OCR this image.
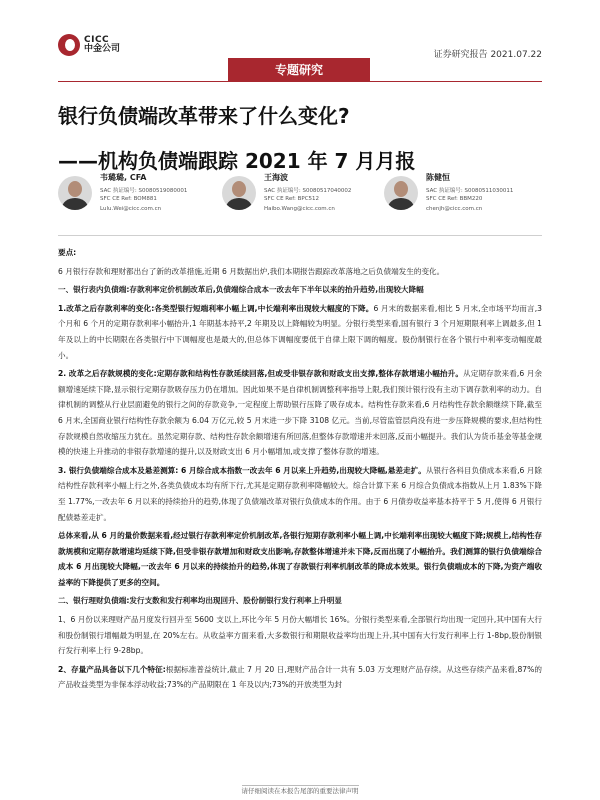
CICC
中金公司
证券研究报告 2021.07.22
专题研究
银行负债端改革带来了什么变化?
——机构负债端跟踪 2021 年 7 月月报
韦璐璐, CFA
SAC 执证编号: S0080519080001
SFC CE Ref: BOM881
Lulu.Wei@cicc.com.cn
王海波
SAC 执证编号: S0080517040002
SFC CE Ref: BPC512
Haibo.Wang@cicc.com.cn
陈健恒
SAC 执证编号: S0080511030011
SFC CE Ref: BBM220
chenjh@cicc.com.cn

要点:

6 月银行存款和理财都出台了新的改革措施,近期 6 月数据出炉,我们本期报告跟踪改革落地之后负债端发生的变化。

一、银行表内负债端:存款利率定价机制改革后,负债端综合成本一改去年下半年以来的抬升趋势,出现较大降幅

1.改革之后存款利率的变化:各类型银行短端利率小幅上调,中长端利率出现较大幅度的下降。6 月末的数据来看,相比 5 月末,全市场平均而言,3 个月和 6 个月的定期存款利率小幅抬升,1 年期基本持平,2 年期及以上降幅较为明显。分银行类型来看,国有银行 3 个月短期限利率上调最多,但 1 年及以上的中长期限在各类银行中下调幅度也是最大的,但总体下调幅度要低于自律上限下调的幅度。股份制银行在各个银行中利率变动幅度最小。

2. 改革之后存款规模的变化:定期存款和结构性存款延续回落,但或受非银存款和财政支出支撑,整体存款增速小幅抬升。从定期存款来看,6 月余额增速延续下降,显示银行定期存款吸存压力仍在增加。因此如果不是自律机制调整利率指导上限,我们预计银行没有主动下调存款利率的动力。自律机制的调整从行业层面避免的银行之间的存款竞争,一定程度上帮助银行压降了吸存成本。结构性存款来看,6 月结构性存款余额继续下降,截至 6 月末,全国商业银行结构性存款余额为 6.04 万亿元,较 5 月末进一步下降 3108 亿元。当前,尽管监管层尚没有进一步压降规模的要求,但结构性存款规模自然收缩压力犹在。虽然定期存款、结构性存款余额增速有所回落,但整体存款增速并未回落,反而小幅提升。我们认为货币基金等基金规模的快速上升推动的非银存款增速的提升,以及财政支出 6 月小幅增加,或支撑了整体存款的增速。

3. 银行负债端综合成本及悬差测算: 6 月综合成本指数一改去年 6 月以来上升趋势,出现较大降幅,悬差走扩。从银行各科目负债成本来看,6 月除结构性存款利率小幅上行之外,各类负债成本均有所下行,尤其是定期存款利率降幅较大。综合计算下来 6 月综合负债成本指数从上月 1.83%下降至 1.77%,一改去年 6 月以来的持续抬升的趋势,体现了负债端改革对银行负债成本的作用。由于 6 月债券收益率基本持平于 5 月,使得 6 月银行配债悬差走扩。

总体来看,从 6 月的量价数据来看,经过银行存款利率定价机制改革,各银行短期存款利率小幅上调,中长端利率出现较大幅度下降;规模上,结构性存款规模和定期存款增速均延续下降,但受非银存款增加和财政支出影响,存款整体增速并未下降,反而出现了小幅抬升。我们测算的银行负债端综合成本 6 月出现较大降幅,一改去年 6 月以来的持续抬升的趋势,体现了存款银行利率机制改革的降成本效果。银行负债端成本的下降,为资产端收益率的下降提供了更多的空间。

二、银行理财负债端:发行支数和发行利率均出现回升、股份制银行发行利率上升明显

1、6 月份以来理财产品月度发行回升至 5600 支以上,环比今年 5 月份大幅增长 16%。分银行类型来看,全部银行均出现一定回升,其中国有大行和股份制银行增幅最为明显,在 20%左右。从收益率方面来看,大多数银行和期限收益率均出现上升,其中国有大行发行利率上行 1-8bp,股份制银行发行利率上行 9-28bp。

2、存量产品具备以下几个特征:根据标准普益统计,截止 7 月 20 日,理财产品合计一共有 5.03 万支理财产品存续。从这些存续产品来看,87%的产品收益类型为非保本浮动收益;73%的产品期限在 1 年及以内;73%的开放类型为封

请仔细阅读在本报告尾部的重要法律声明
